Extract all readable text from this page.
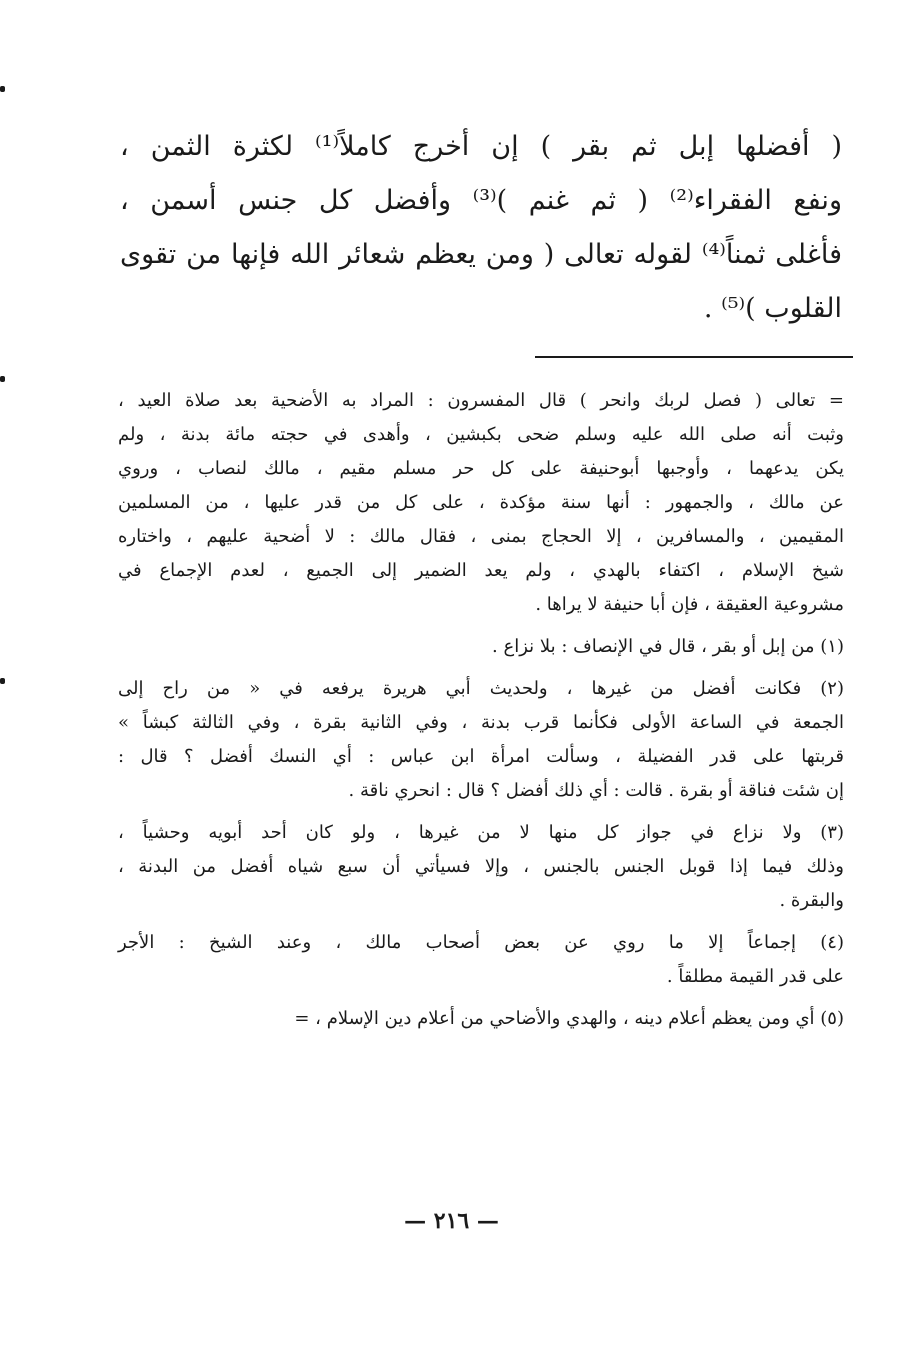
( أفضلها إبل ثم بقر ) إن أخرج كاملاً⁽¹⁾ لكثرة الثمن ،
ونفع الفقراء⁽²⁾ ( ثم غنم )⁽³⁾ وأفضل كل جنس أسمن ،
فأغلى ثمناً⁽⁴⁾ لقوله تعالى ( ومن يعظم شعائر الله فإنها من تقوى
القلوب )⁽⁵⁾ .
= تعالى ( فصل لربك وانحر ) قال المفسرون : المراد به الأضحية بعد صلاة العيد ،
وثبت أنه صلى الله عليه وسلم ضحى بكبشين ، وأهدى في حجته مائة بدنة ، ولم
يكن يدعهما ، وأوجبها أبوحنيفة على كل حر مسلم مقيم ، مالك لنصاب ، وروي
عن مالك ، والجمهور : أنها سنة مؤكدة ، على كل من قدر عليها ، من المسلمين
المقيمين ، والمسافرين ، إلا الحجاج بمنى ، فقال مالك : لا أضحية عليهم ، واختاره
شيخ الإسلام ، اكتفاء بالهدي ، ولم يعد الضمير إلى الجميع ، لعدم الإجماع في
مشروعية العقيقة ، فإن أبا حنيفة لا يراها .
(١) من إبل أو بقر ، قال في الإنصاف : بلا نزاع .
(٢) فكانت أفضل من غيرها ، ولحديث أبي هريرة يرفعه في « من راح إلى
الجمعة في الساعة الأولى فكأنما قرب بدنة ، وفي الثانية بقرة ، وفي الثالثة كبشاً »
قربتها على قدر الفضيلة ، وسألت امرأة ابن عباس : أي النسك أفضل ؟ قال :
إن شئت فناقة أو بقرة . قالت : أي ذلك أفضل ؟ قال : انحري ناقة .
(٣) ولا نزاع في جواز كل منها لا من غيرها ، ولو كان أحد أبويه وحشياً ،
وذلك فيما إذا قوبل الجنس بالجنس ، وإلا فسيأتي أن سبع شياه أفضل من البدنة ،
والبقرة .
(٤) إجماعاً إلا ما روي عن بعض أصحاب مالك ، وعند الشيخ : الأجر
على قدر القيمة مطلقاً .
(٥) أي ومن يعظم أعلام دينه ، والهدي والأضاحي من أعلام دين الإسلام ، =
— ٢١٦ —
